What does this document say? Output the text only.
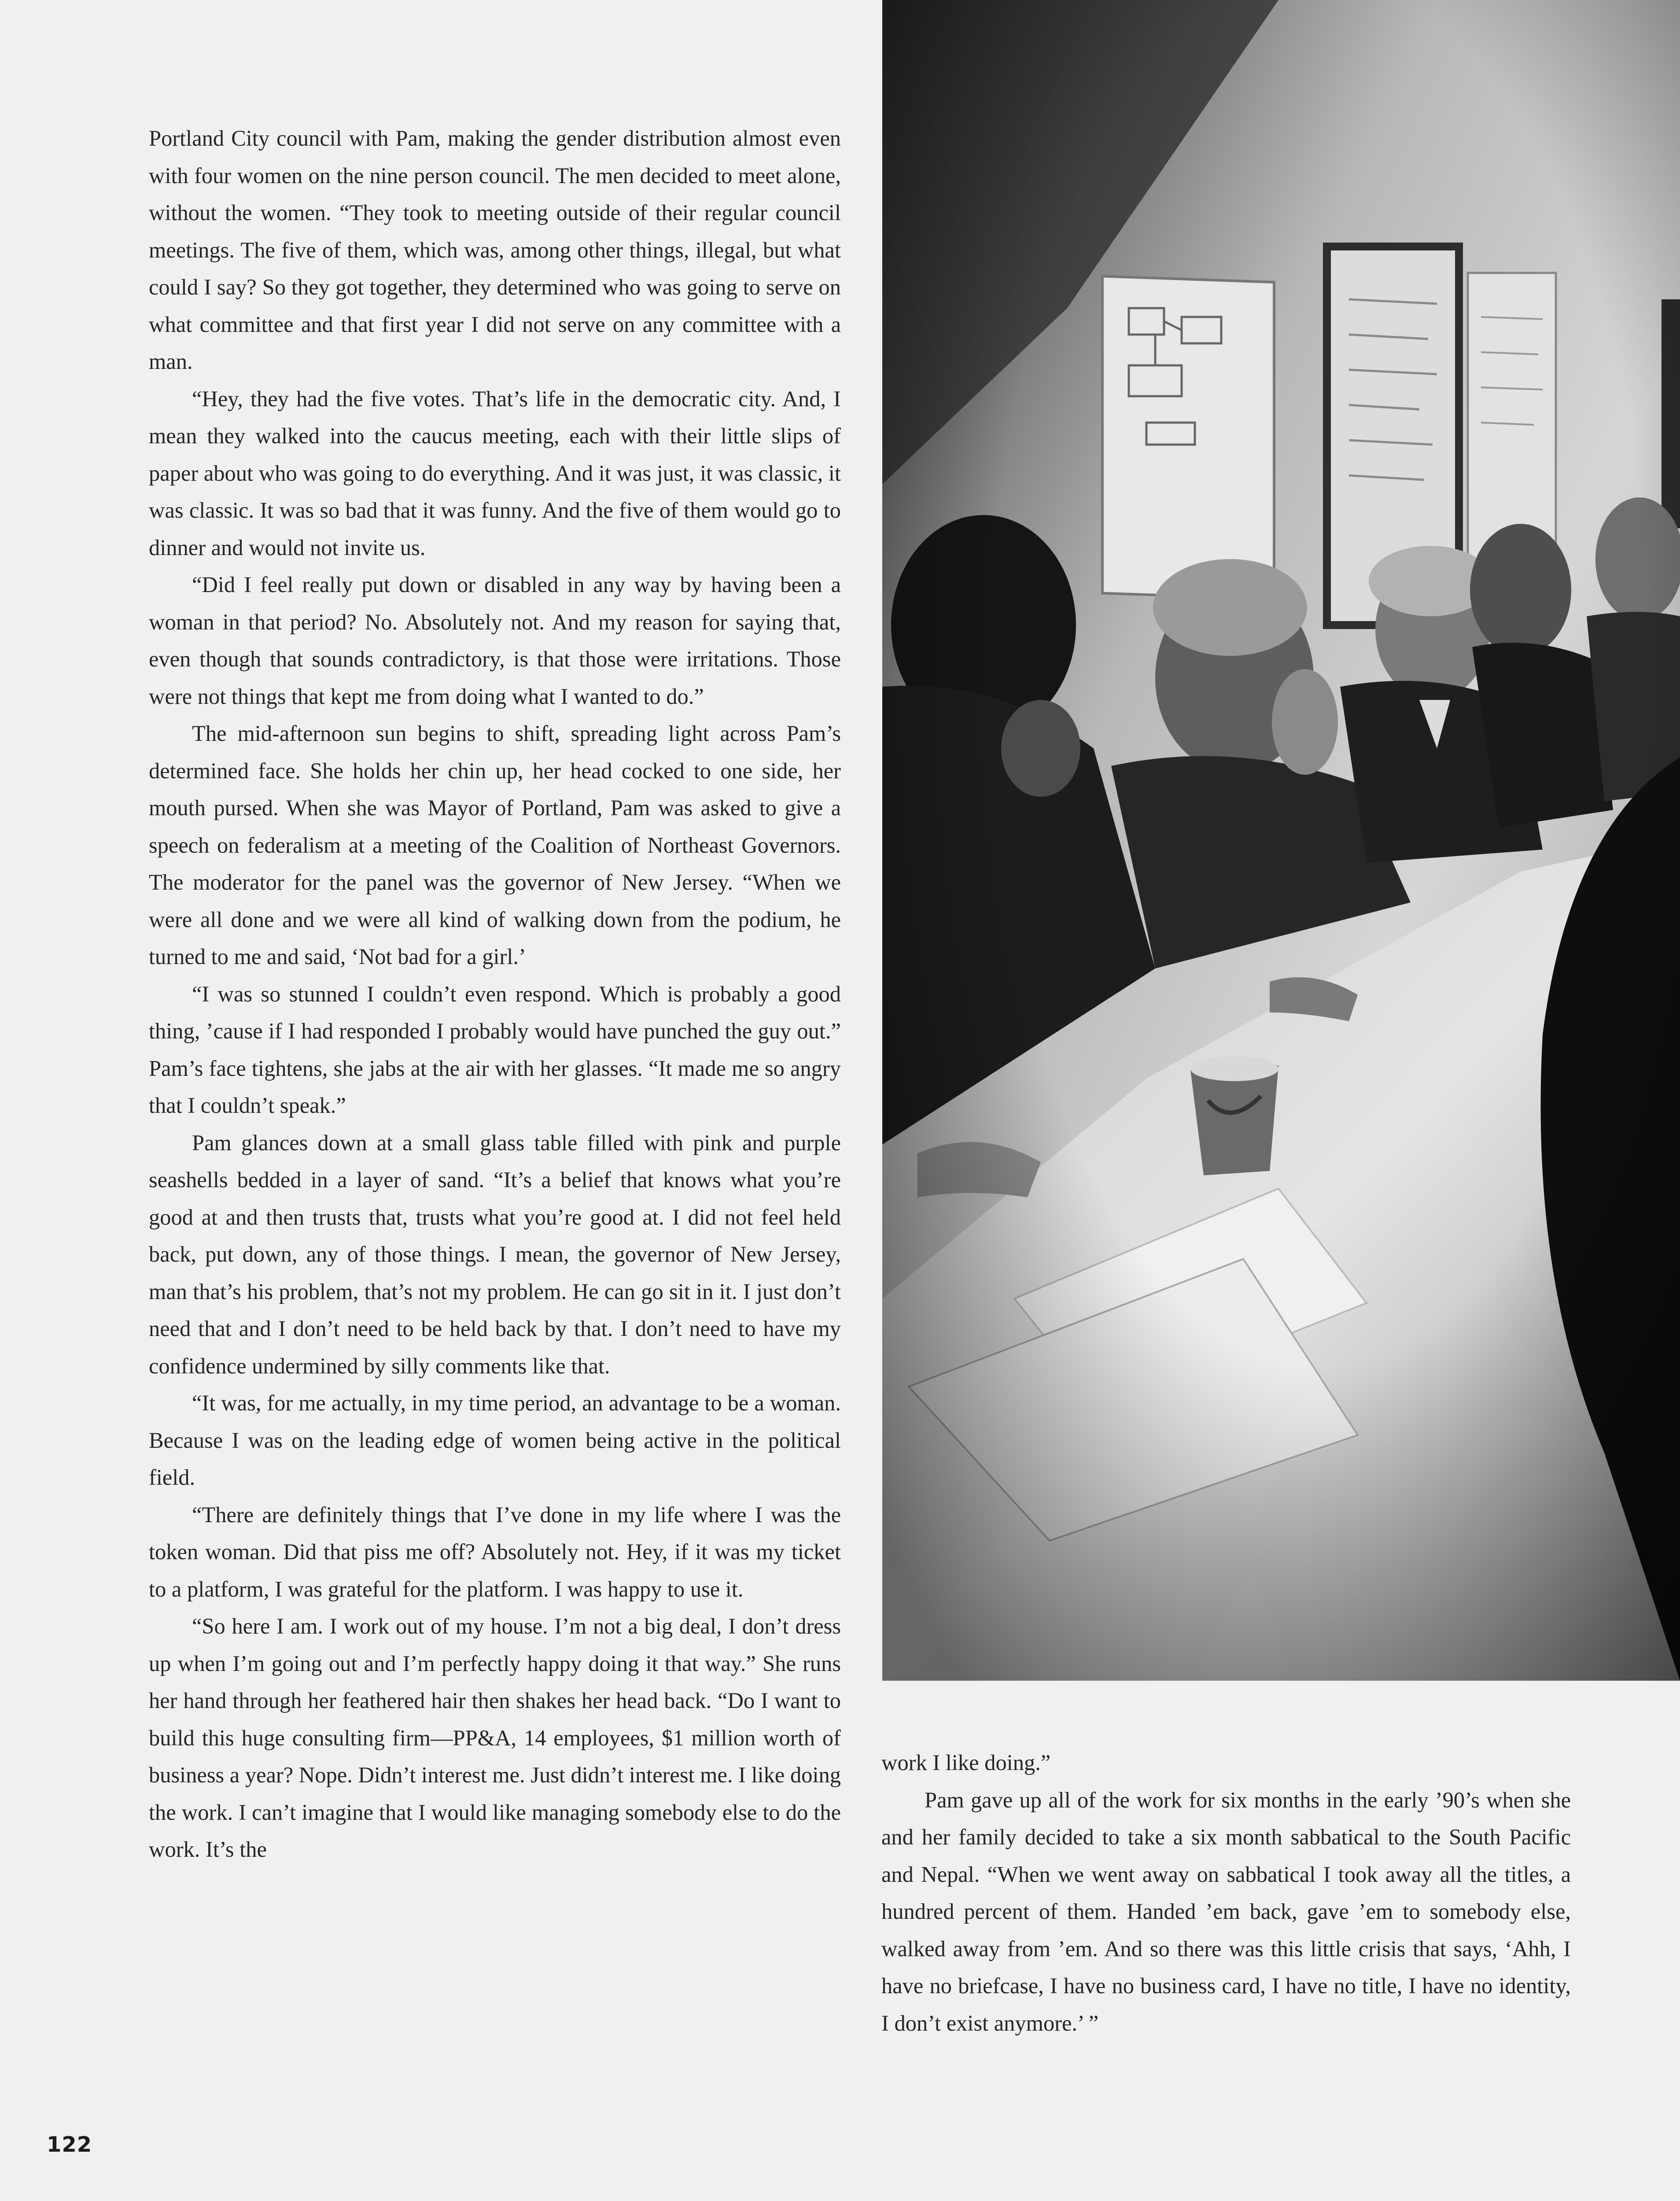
Portland City council with Pam, making the gender distribution almost even with four women on the nine person council. The men decided to meet alone, without the women. “They took to meeting outside of their regular council meetings. The five of them, which was, among other things, illegal, but what could I say? So they got together, they determined who was going to serve on what committee and that first year I did not serve on any committee with a man.

“Hey, they had the five votes. That’s life in the democratic city. And, I mean they walked into the caucus meeting, each with their little slips of paper about who was going to do everything. And it was just, it was classic, it was classic. It was so bad that it was funny. And the five of them would go to dinner and would not invite us.

“Did I feel really put down or disabled in any way by having been a woman in that period? No. Absolutely not. And my reason for saying that, even though that sounds contradictory, is that those were irritations. Those were not things that kept me from doing what I wanted to do.”

The mid-afternoon sun begins to shift, spreading light across Pam’s determined face. She holds her chin up, her head cocked to one side, her mouth pursed. When she was Mayor of Portland, Pam was asked to give a speech on federalism at a meeting of the Coalition of Northeast Governors. The moderator for the panel was the governor of New Jersey. “When we were all done and we were all kind of walking down from the podium, he turned to me and said, ‘Not bad for a girl.’

“I was so stunned I couldn’t even respond. Which is probably a good thing, ’cause if I had responded I probably would have punched the guy out.” Pam’s face tightens, she jabs at the air with her glasses. “It made me so angry that I couldn’t speak.”

Pam glances down at a small glass table filled with pink and purple seashells bedded in a layer of sand. “It’s a belief that knows what you’re good at and then trusts that, trusts what you’re good at. I did not feel held back, put down, any of those things. I mean, the governor of New Jersey, man that’s his problem, that’s not my problem. He can go sit in it. I just don’t need that and I don’t need to be held back by that. I don’t need to have my confidence undermined by silly comments like that.

“It was, for me actually, in my time period, an advantage to be a woman. Because I was on the leading edge of women being active in the political field.

“There are definitely things that I’ve done in my life where I was the token woman. Did that piss me off? Absolutely not. Hey, if it was my ticket to a platform, I was grateful for the platform. I was happy to use it.

“So here I am. I work out of my house. I’m not a big deal, I don’t dress up when I’m going out and I’m perfectly happy doing it that way.” She runs her hand through her feathered hair then shakes her head back. “Do I want to build this huge consulting firm—PP&A, 14 employees, $1 million worth of business a year? Nope. Didn’t interest me. Just didn’t interest me. I like doing the work. I can’t imagine that I would like managing somebody else to do the work. It’s the

work I like doing.”

Pam gave up all of the work for six months in the early ’90’s when she and her family decided to take a six month sabbatical to the South Pacific and Nepal. “When we went away on sabbatical I took away all the titles, a hundred percent of them. Handed ’em back, gave ’em to somebody else, walked away from ’em. And so there was this little crisis that says, ‘Ahh, I have no briefcase, I have no business card, I have no title, I have no identity, I don’t exist anymore.’ ”

122
